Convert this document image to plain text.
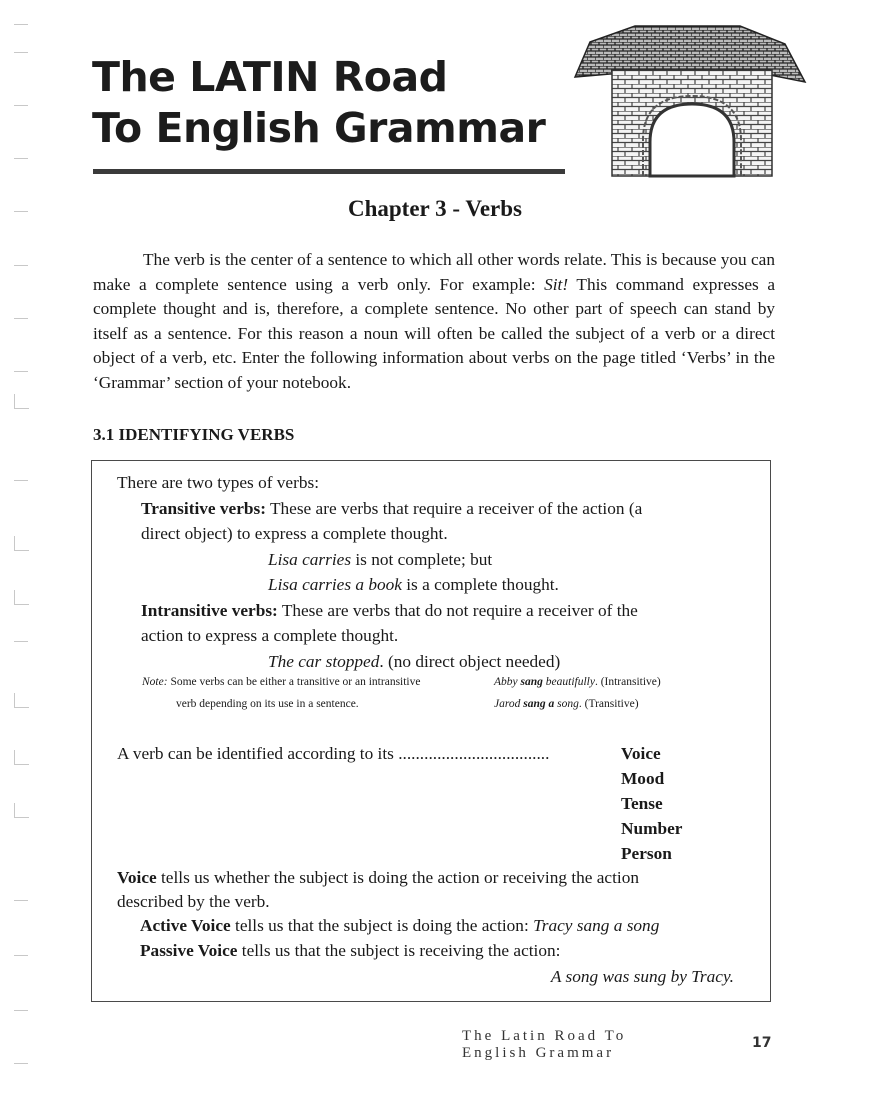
The LATIN Road
To English Grammar
Chapter 3 - Verbs

The verb is the center of a sentence to which all other words relate. This is because you can make a complete sentence using a verb only. For example: Sit! This command expresses a complete thought and is, therefore, a complete sentence. No other part of speech can stand by itself as a sentence. For this reason a noun will often be called the subject of a verb or a direct object of a verb, etc. Enter the following information about verbs on the page titled ‘Verbs’ in the ‘Grammar’ section of your notebook.

3.1 IDENTIFYING VERBS
There are two types of verbs:
Transitive verbs: These are verbs that require a receiver of the action (a
direct object) to express a complete thought.
Lisa carries is not complete; but
Lisa carries a book is a complete thought.
Intransitive verbs: These are verbs that do not require a receiver of the
action to express a complete thought.
The car stopped. (no direct object needed)
Note: Some verbs can be either a transitive or an intransitive
verb depending on its use in a sentence.
Abby sang beautifully. (Intransitive)
Jarod sang a song. (Transitive)
A verb can be identified according to its ...................................	Voice
Mood
Tense
Number
Person
Voice tells us whether the subject is doing the action or receiving the action
described by the verb.
Active Voice tells us that the subject is doing the action: Tracy sang a song
Passive Voice tells us that the subject is receiving the action:
A song was sung by Tracy.
The Latin Road To English Grammar
17
